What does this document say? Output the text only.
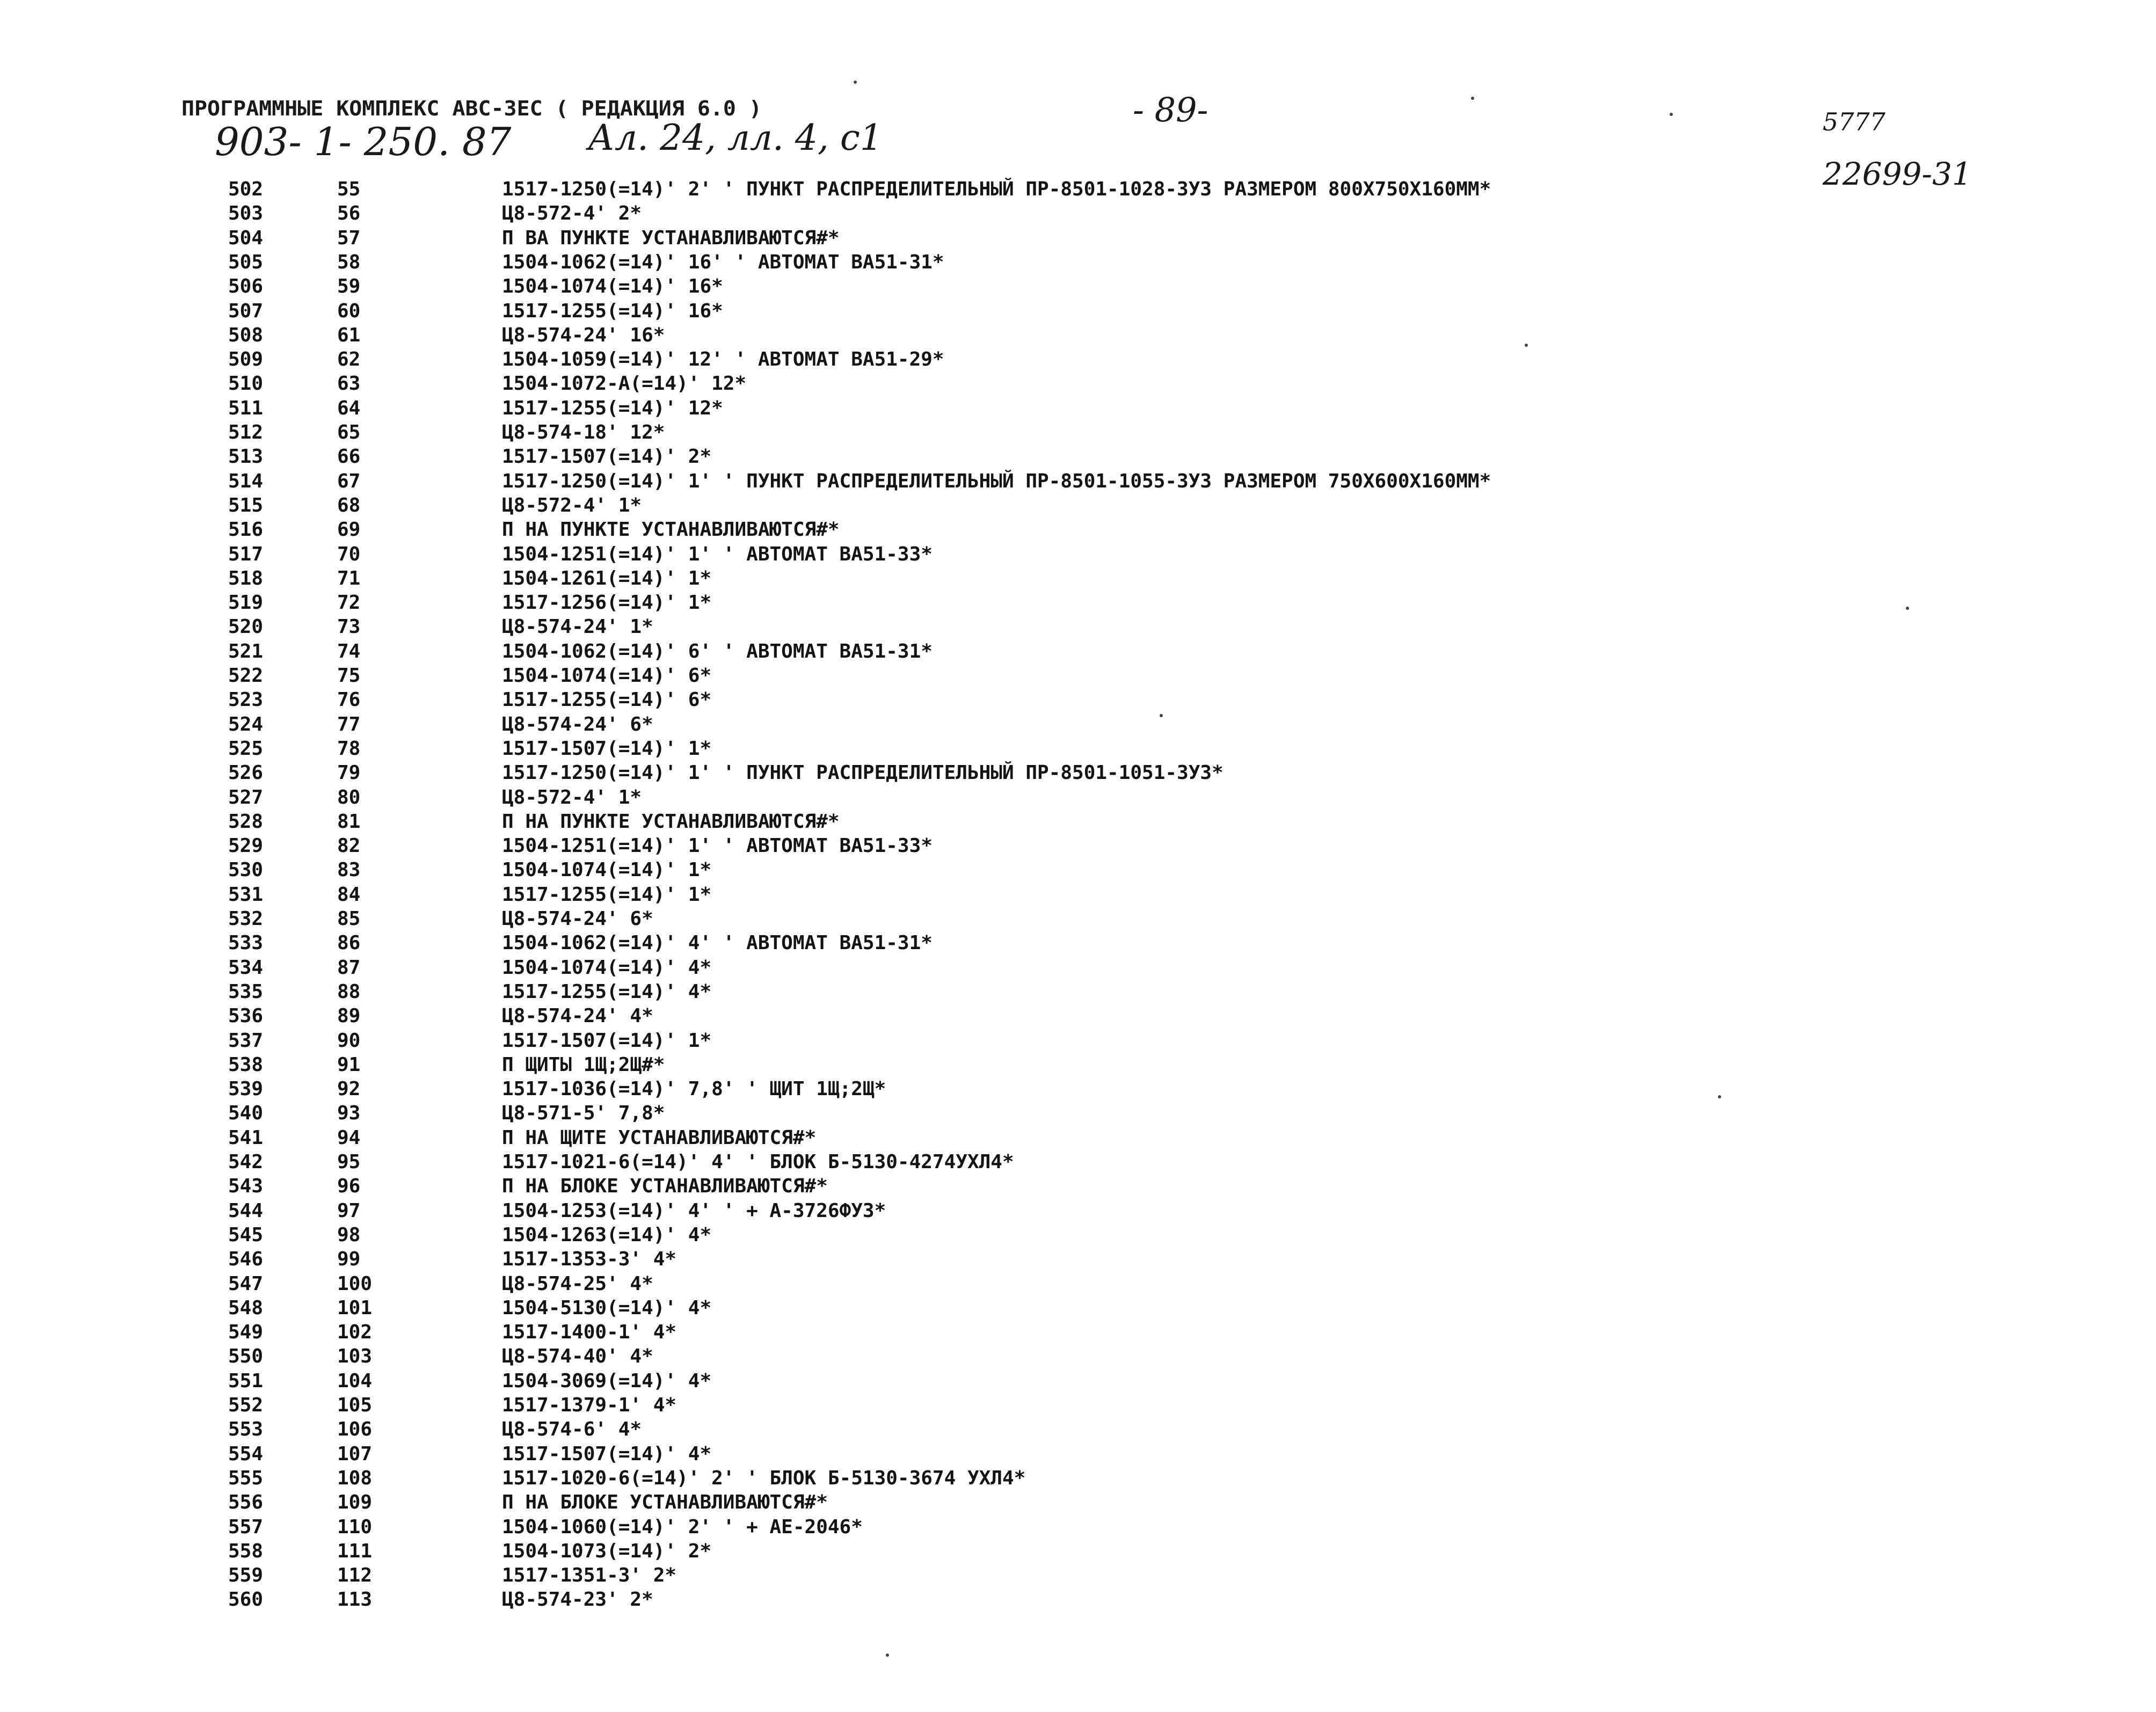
ПРОГРАММНЫЕ КОМПЛЕКС АВС-ЗЕС ( РЕДАКЦИЯ 6.0 )	- 89-	5777
903- 1- 250. 87 Ал. 24, лл. 4, с1
22699-31
502	55	1517-1250(=14)' 2' ' ПУНКТ РАСПРЕДЕЛИТЕЛЬНЫЙ ПР-8501-1028-3У3 РАЗМЕРОМ 800Х750Х160ММ*
503	56	Ц8-572-4' 2*
504	57	П ВА ПУНКТЕ УСТАНАВЛИВАЮТСЯ#*
505	58	1504-1062(=14)' 16' ' АВТОМАТ ВА51-31*
506	59	1504-1074(=14)' 16*
507	60	1517-1255(=14)' 16*
508	61	Ц8-574-24' 16*
509	62	1504-1059(=14)' 12' ' АВТОМАТ ВА51-29*
510	63	1504-1072-А(=14)' 12*
511	64	1517-1255(=14)' 12*
512	65	Ц8-574-18' 12*
513	66	1517-1507(=14)' 2*
514	67	1517-1250(=14)' 1' ' ПУНКТ РАСПРЕДЕЛИТЕЛЬНЫЙ ПР-8501-1055-3У3 РАЗМЕРОМ 750Х600Х160ММ*
515	68	Ц8-572-4' 1*
516	69	П НА ПУНКТЕ УСТАНАВЛИВАЮТСЯ#*
517	70	1504-1251(=14)' 1' ' АВТОМАТ ВА51-33*
518	71	1504-1261(=14)' 1*
519	72	1517-1256(=14)' 1*
520	73	Ц8-574-24' 1*
521	74	1504-1062(=14)' 6' ' АВТОМАТ ВА51-31*
522	75	1504-1074(=14)' 6*
523	76	1517-1255(=14)' 6*
524	77	Ц8-574-24' 6*
525	78	1517-1507(=14)' 1*
526	79	1517-1250(=14)' 1' ' ПУНКТ РАСПРЕДЕЛИТЕЛЬНЫЙ ПР-8501-1051-3У3*
527	80	Ц8-572-4' 1*
528	81	П НА ПУНКТЕ УСТАНАВЛИВАЮТСЯ#*
529	82	1504-1251(=14)' 1' ' АВТОМАТ ВА51-33*
530	83	1504-1074(=14)' 1*
531	84	1517-1255(=14)' 1*
532	85	Ц8-574-24' 6*
533	86	1504-1062(=14)' 4' ' АВТОМАТ ВА51-31*
534	87	1504-1074(=14)' 4*
535	88	1517-1255(=14)' 4*
536	89	Ц8-574-24' 4*
537	90	1517-1507(=14)' 1*
538	91	П ЩИТЫ 1Щ;2Щ#*
539	92	1517-1036(=14)' 7,8' ' ЩИТ 1Щ;2Щ*
540	93	Ц8-571-5' 7,8*
541	94	П НА ЩИТЕ УСТАНАВЛИВАЮТСЯ#*
542	95	1517-1021-6(=14)' 4' ' БЛОК Б-5130-4274УХЛ4*
543	96	П НА БЛОКЕ УСТАНАВЛИВАЮТСЯ#*
544	97	1504-1253(=14)' 4' ' + А-3726ФУ3*
545	98	1504-1263(=14)' 4*
546	99	1517-1353-3' 4*
547	100	Ц8-574-25' 4*
548	101	1504-5130(=14)' 4*
549	102	1517-1400-1' 4*
550	103	Ц8-574-40' 4*
551	104	1504-3069(=14)' 4*
552	105	1517-1379-1' 4*
553	106	Ц8-574-6' 4*
554	107	1517-1507(=14)' 4*
555	108	1517-1020-6(=14)' 2' ' БЛОК Б-5130-3674 УХЛ4*
556	109	П НА БЛОКЕ УСТАНАВЛИВАЮТСЯ#*
557	110	1504-1060(=14)' 2' ' + АЕ-2046*
558	111	1504-1073(=14)' 2*
559	112	1517-1351-3' 2*
560	113	Ц8-574-23' 2*
